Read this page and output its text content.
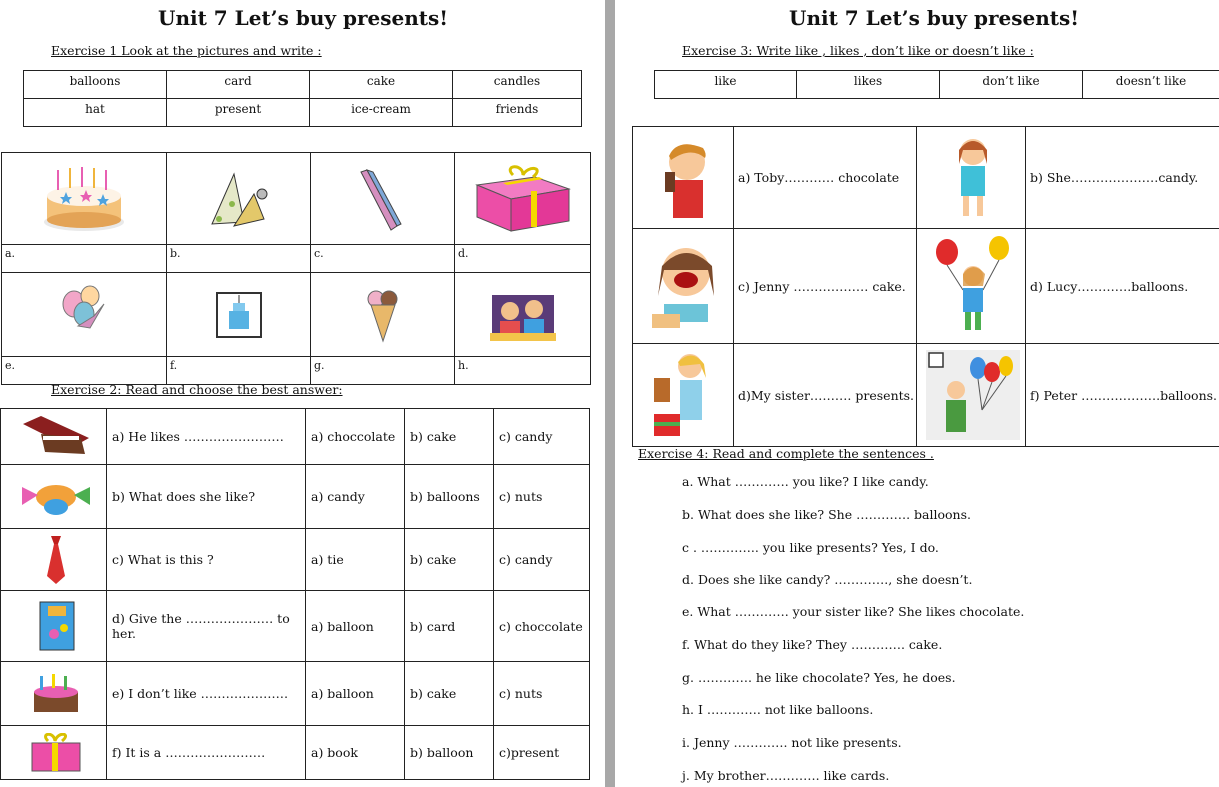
Unit 7 Let’s buy presents!
Exercise 1 Look at the pictures and write :
balloons	card	cake	candles
hat	present	ice-cream	friends

a.	b.	c.	d.

e.	f.	g.	h.
Exercise 2: Read and choose the best answer:
	a) He likes ……………………	a) choccolate	b) cake	c) candy

	b) What does she like?	a) candy	b) balloons	c) nuts

	c) What is this ?	a) tie	b) cake	c) candy

	d) Give the ………………… to her.	a) balloon	b) card	c) choccolate

	e) I don’t like …………………	a) balloon	b) cake	c) nuts

	f) It is a ……………………	a) book	b) balloon	c)present
Unit 7 Let’s buy presents!
Exercise 3: Write like , likes , don’t like or doesn’t like :
like	likes	don’t like	doesn’t like
	a) Toby………… chocolate		b) She…………………candy.

	c) Jenny ……………… cake.		d) Lucy………….balloons.

	d)My sister………. presents.		f) Peter ……………….balloons.
Exercise 4: Read and complete the sentences .
a. What …………. you like? I like candy.
b. What does she like? She …………. balloons.
c . ………….. you like presents? Yes, I do.
d. Does she like candy? …………., she doesn’t.
e. What …………. your sister like? She likes chocolate.
f. What do they like? They …………. cake.
g. …………. he like chocolate? Yes, he does.
h. I …………. not like balloons.
i. Jenny …………. not like presents.
j. My brother…………. like cards.
